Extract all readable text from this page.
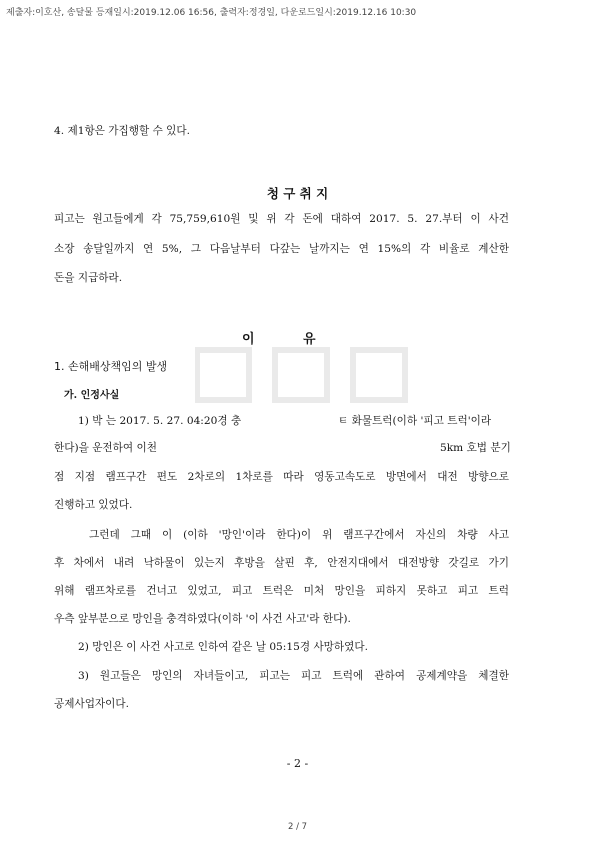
제출자:이호산, 송달물 등재일시:2019.12.06 16:56, 출력자:정경일, 다운로드일시:2019.12.16 10:30
4. 제1항은 가집행할 수 있다.
청 구 취 지
피고는 원고들에게 각 75,759,610원 및 위 각 돈에 대하여 2017. 5. 27.부터 이 사건
소장 송달일까지 연 5%, 그 다음날부터 다갚는 날까지는 연 15%의 각 비율로 계산한
돈을 지급하라.
이	유
1. 손해배상책임의 발생
가. 인정사실
1) 박 는 2017. 5. 27. 04:20경 충	ㅌ 화물트럭(이하 '피고 트럭'이라
한다)을 운전하여 이천	5km 호법 분기
점 지점 램프구간 편도 2차로의 1차로를 따라 영동고속도로 방면에서 대전 방향으로
진행하고 있었다.
그런데 그때 이 (이하 '망인'이라 한다)이 위 램프구간에서 자신의 차량 사고
후 차에서 내려 낙하물이 있는지 후방을 살핀 후, 안전지대에서 대전방향 갓길로 가기
위해 램프차로를 건너고 있었고, 피고 트럭은 미처 망인을 피하지 못하고 피고 트럭
우측 앞부분으로 망인을 충격하였다(이하 '이 사건 사고'라 한다).
2) 망인은 이 사건 사고로 인하여 같은 날 05:15경 사망하였다.
3) 원고들은 망인의 자녀들이고, 피고는 피고 트럭에 관하여 공제계약을 체결한
공제사업자이다.
- 2 -
2 / 7
